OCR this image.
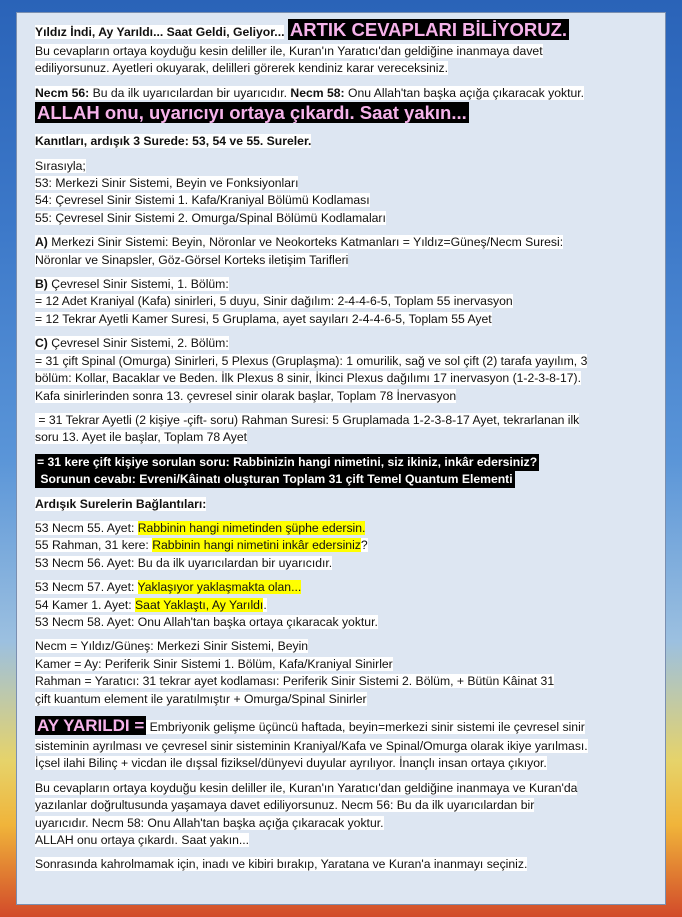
Yıldız İndi, Ay Yarıldı... Saat Geldi, Geliyor... ARTIK CEVAPLARI BİLİYORUZ.
Bu cevapların ortaya koyduğu kesin deliller ile, Kuran'ın Yaratıcı'dan geldiğine inanmaya davet
ediliyorsunuz. Ayetleri okuyarak, delilleri görerek kendiniz karar vereceksiniz.
Necm 56: Bu da ilk uyarıcılardan bir uyarıcıdır. Necm 58: Onu Allah'tan başka açığa çıkaracak yoktur.
ALLAH onu, uyarıcıyı ortaya çıkardı. Saat yakın...
Kanıtları, ardışık 3 Surede: 53, 54 ve 55. Sureler.
Sırasıyla;
53: Merkezi Sinir Sistemi, Beyin ve Fonksiyonları
54: Çevresel Sinir Sistemi 1. Kafa/Kraniyal Bölümü Kodlaması
55: Çevresel Sinir Sistemi 2. Omurga/Spinal Bölümü Kodlamaları
A) Merkezi Sinir Sistemi: Beyin, Nöronlar ve Neokorteks Katmanları = Yıldız=Güneş/Necm Suresi:
Nöronlar ve Sinapsler, Göz-Görsel Korteks iletişim Tarifleri
B) Çevresel Sinir Sistemi, 1. Bölüm:
= 12 Adet Kraniyal (Kafa) sinirleri, 5 duyu, Sinir dağılım: 2-4-4-6-5, Toplam 55 inervasyon
= 12 Tekrar Ayetli Kamer Suresi, 5 Gruplama, ayet sayıları 2-4-4-6-5, Toplam 55 Ayet
C) Çevresel Sinir Sistemi, 2. Bölüm:
= 31 çift Spinal (Omurga) Sinirleri, 5 Plexus (Gruplaşma): 1 omurilik, sağ ve sol çift (2) tarafa yayılım, 3
bölüm: Kollar, Bacaklar ve Beden. İlk Plexus 8 sinir, İkinci Plexus dağılımı 17 inervasyon (1-2-3-8-17).
Kafa sinirlerinden sonra 13. çevresel sinir olarak başlar, Toplam 78 İnervasyon
= 31 Tekrar Ayetli (2 kişiye -çift- soru) Rahman Suresi: 5 Gruplamada 1-2-3-8-17 Ayet, tekrarlanan ilk
soru 13. Ayet ile başlar, Toplam 78 Ayet
= 31 kere çift kişiye sorulan soru: Rabbinizin hangi nimetini, siz ikiniz, inkâr edersiniz?
Sorunun cevabı: Evreni/Kâinatı oluşturan Toplam 31 çift Temel Quantum Elementi
Ardışık Surelerin Bağlantıları:
53 Necm 55. Ayet: Rabbinin hangi nimetinden şüphe edersin.
55 Rahman, 31 kere: Rabbinin hangi nimetini inkâr edersiniz?
53 Necm 56. Ayet: Bu da ilk uyarıcılardan bir uyarıcıdır.
53 Necm 57. Ayet: Yaklaşıyor yaklaşmakta olan...
54 Kamer 1. Ayet: Saat Yaklaştı, Ay Yarıldı.
53 Necm 58. Ayet: Onu Allah'tan başka ortaya çıkaracak yoktur.
Necm = Yıldız/Güneş: Merkezi Sinir Sistemi, Beyin
Kamer = Ay: Periferik Sinir Sistemi 1. Bölüm, Kafa/Kraniyal Sinirler
Rahman = Yaratıcı: 31 tekrar ayet kodlaması: Periferik Sinir Sistemi 2. Bölüm, + Bütün Kâinat 31
çift kuantum element ile yaratılmıştır + Omurga/Spinal Sinirler
AY YARILDI = Embriyonik gelişme üçüncü haftada, beyin=merkezi sinir sistemi ile çevresel sinir
sisteminin ayrılması ve çevresel sinir sisteminin Kraniyal/Kafa ve Spinal/Omurga olarak ikiye yarılması.
İçsel ilahi Bilinç + vicdan ile dışsal fiziksel/dünyevi duyular ayrılıyor. İnançlı insan ortaya çıkıyor.
Bu cevapların ortaya koyduğu kesin deliller ile, Kuran'ın Yaratıcı'dan geldiğine inanmaya ve Kuran'da
yazılanlar doğrultusunda yaşamaya davet ediliyorsunuz. Necm 56: Bu da ilk uyarıcılardan bir
uyarıcıdır. Necm 58: Onu Allah'tan başka açığa çıkaracak yoktur.
ALLAH onu ortaya çıkardı. Saat yakın...
Sonrasında kahrolmamak için, inadı ve kibiri bırakıp, Yaratana ve Kuran'a inanmayı seçiniz.
